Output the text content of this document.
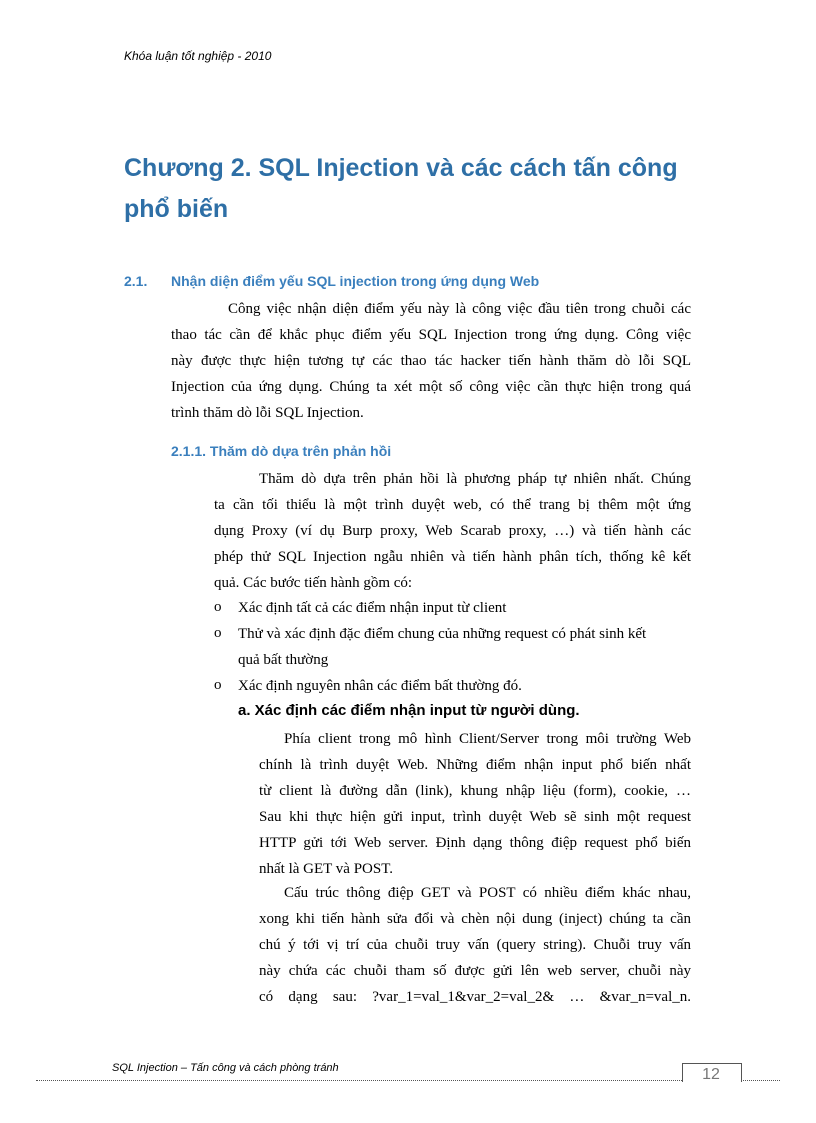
Khóa luận tốt nghiệp - 2010
Chương 2. SQL Injection và các cách tấn công phổ biến
2.1. Nhận diện điểm yếu SQL injection trong ứng dụng Web
Công việc nhận diện điểm yếu này là công việc đầu tiên trong chuỗi các
thao tác cần để khắc phục điểm yếu SQL Injection trong ứng dụng. Công việc
này được thực hiện tương tự các thao tác hacker tiến hành thăm dò lỗi SQL
Injection của ứng dụng. Chúng ta xét một số công việc cần thực hiện trong quá
trình thăm dò lỗi SQL Injection.
2.1.1. Thăm dò dựa trên phản hồi
Thăm dò dựa trên phản hồi là phương pháp tự nhiên nhất. Chúng
ta cần tối thiểu là một trình duyệt web, có thể trang bị thêm một ứng
dụng Proxy (ví dụ Burp proxy, Web Scarab proxy, …) và tiến hành các
phép thử SQL Injection ngẫu nhiên và tiến hành phân tích, thống kê kết
quả. Các bước tiến hành gồm có:
o Xác định tất cả các điểm nhận input từ client
o Thử và xác định đặc điểm chung của những request có phát sinh kết
quả bất thường
o Xác định nguyên nhân các điểm bất thường đó.
a. Xác định các điểm nhận input từ người dùng.
Phía client trong mô hình Client/Server trong môi trường Web
chính là trình duyệt Web. Những điểm nhận input phổ biến nhất
từ client là đường dẫn (link), khung nhập liệu (form), cookie, …
Sau khi thực hiện gửi input, trình duyệt Web sẽ sinh một request
HTTP gửi tới Web server. Định dạng thông điệp request phổ biến
nhất là GET và POST.
Cấu trúc thông điệp GET và POST có nhiều điểm khác nhau,
xong khi tiến hành sửa đổi và chèn nội dung (inject) chúng ta cần
chú ý tới vị trí của chuỗi truy vấn (query string). Chuỗi truy vấn
này chứa các chuỗi tham số được gửi lên web server, chuỗi này
có dạng sau: ?var_1=val_1&var_2=val_2& … &var_n=val_n.
SQL Injection – Tấn công và cách phòng tránh	12
